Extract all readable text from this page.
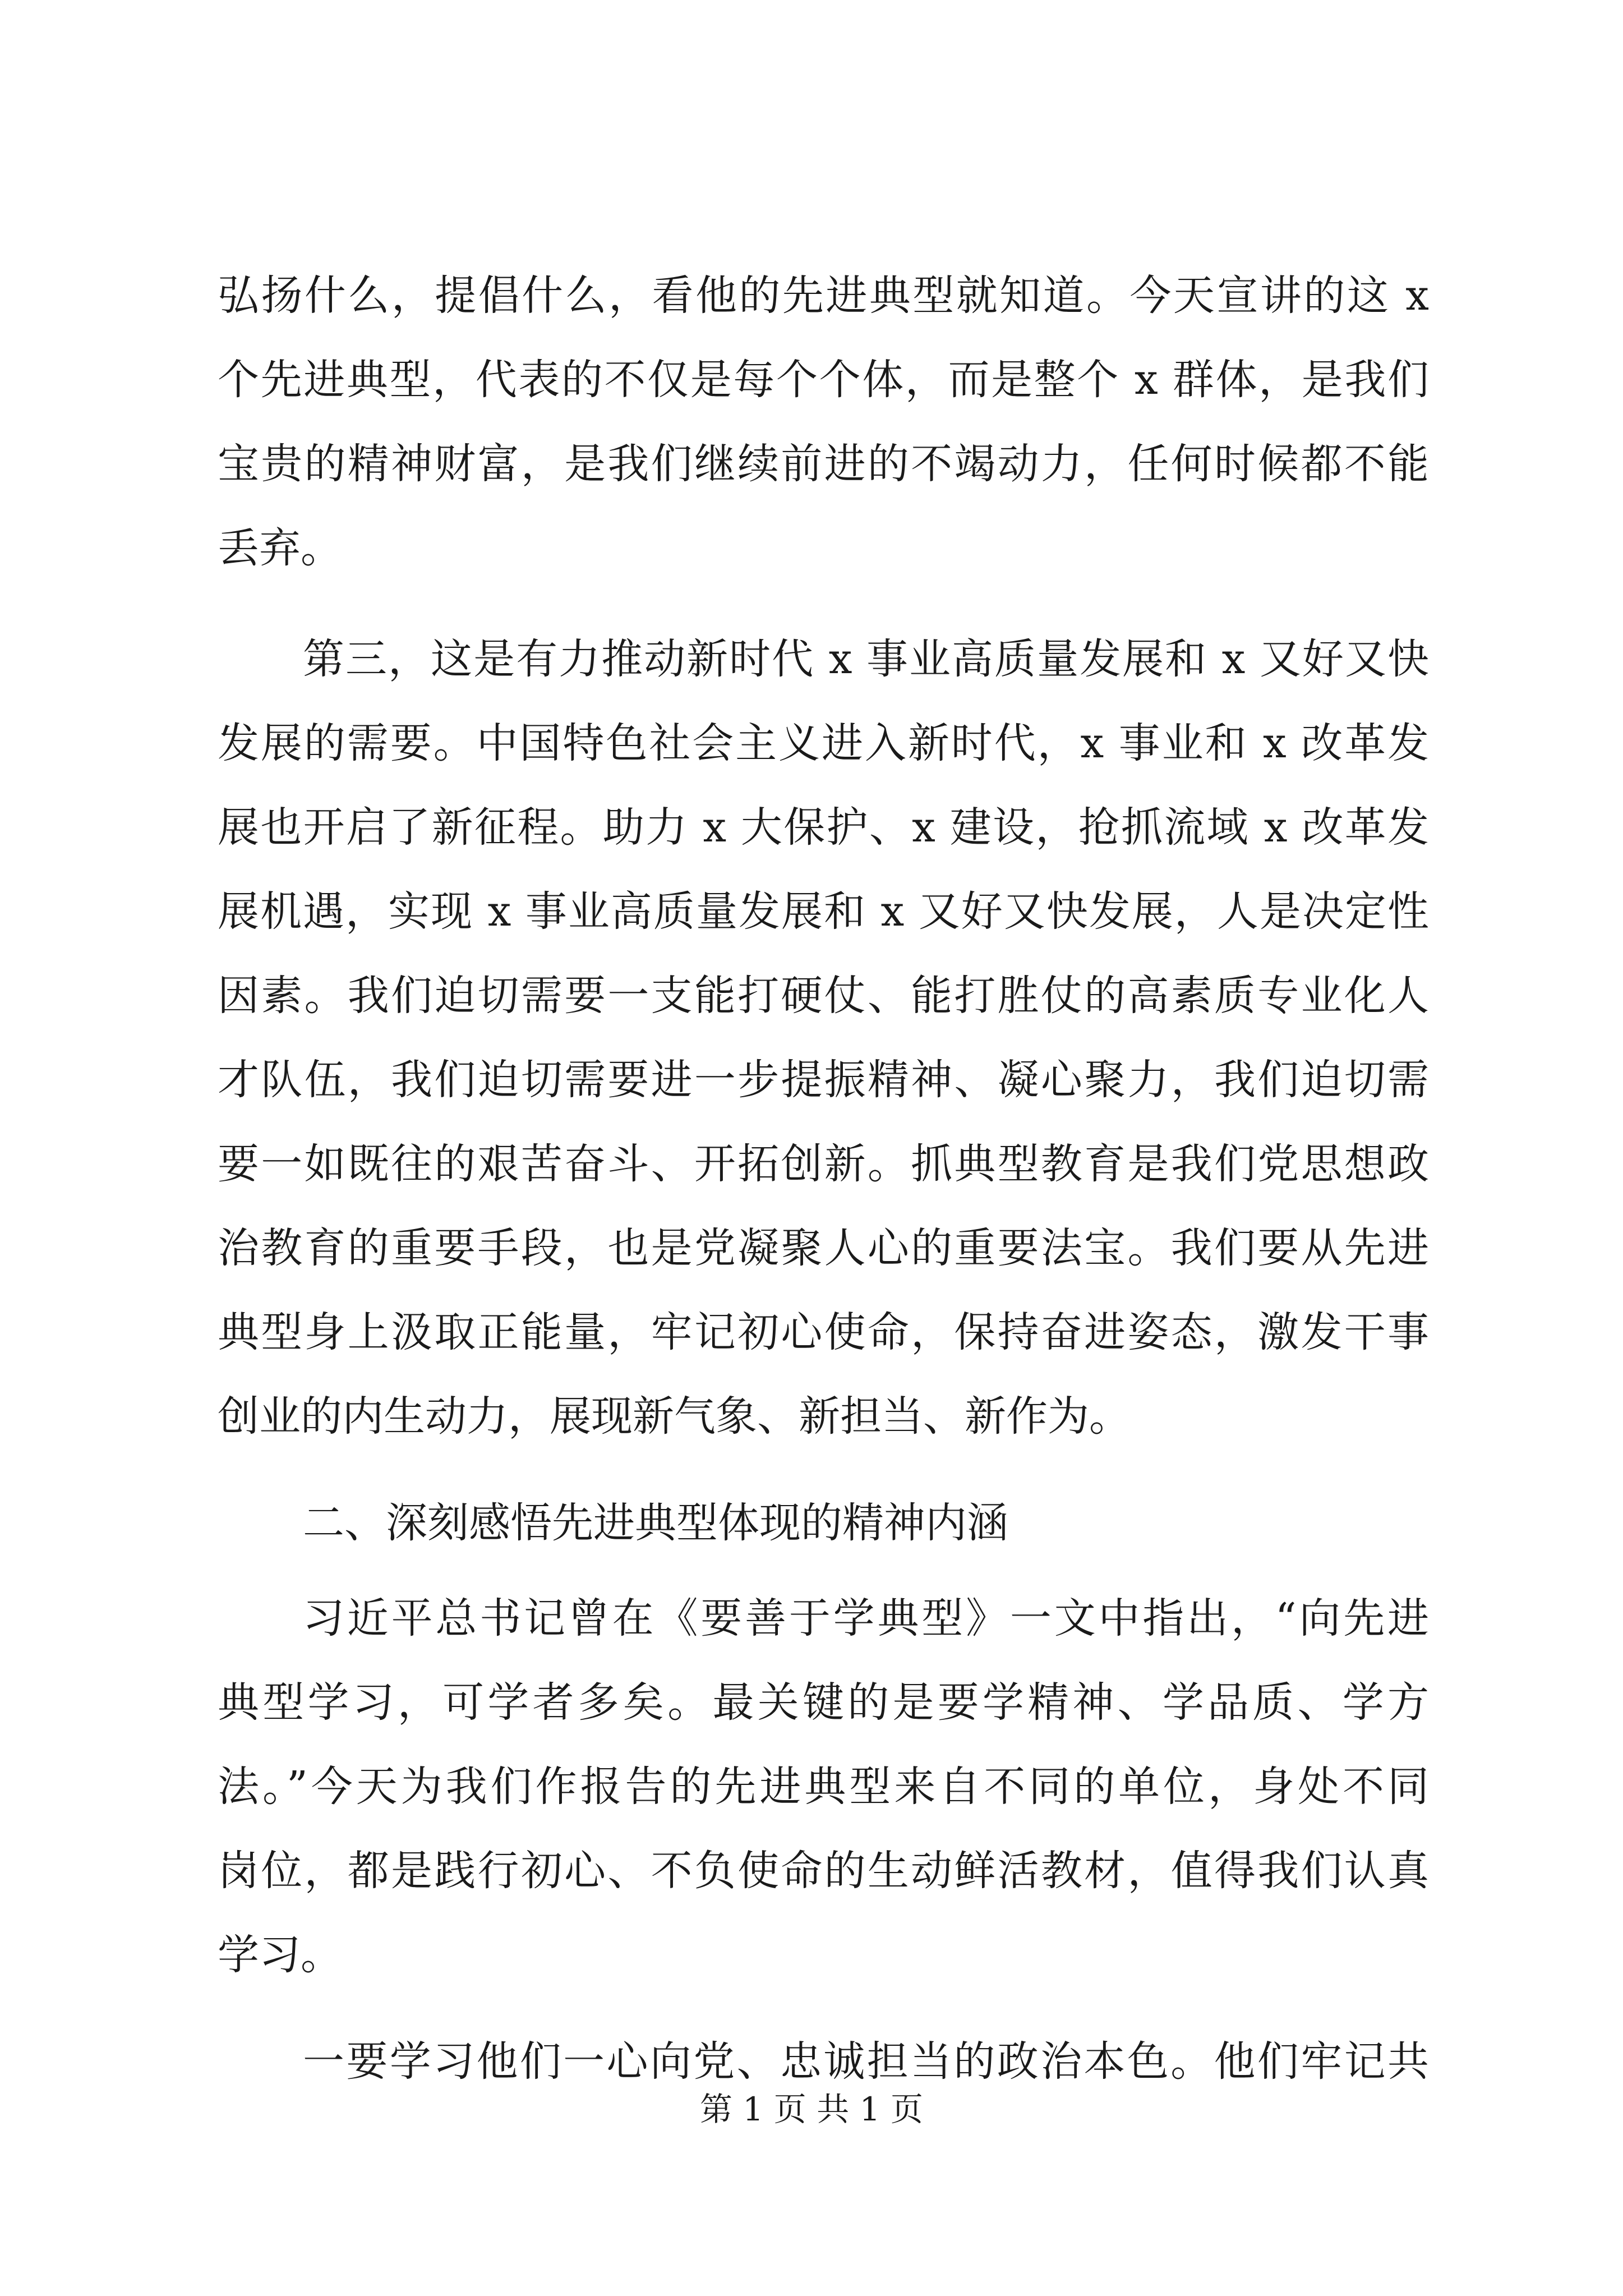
弘扬什么，提倡什么，看他的先进典型就知道。今天宣讲的这 x
个先进典型，代表的不仅是每个个体，而是整个 x 群体，是我们
宝贵的精神财富，是我们继续前进的不竭动力，任何时候都不能
丢弃。
第三，这是有力推动新时代 x 事业高质量发展和 x 又好又快
发展的需要。中国特色社会主义进入新时代，x 事业和 x 改革发
展也开启了新征程。助力 x 大保护、x 建设，抢抓流域 x 改革发
展机遇，实现 x 事业高质量发展和 x 又好又快发展，人是决定性
因素。我们迫切需要一支能打硬仗、能打胜仗的高素质专业化人
才队伍，我们迫切需要进一步提振精神、凝心聚力，我们迫切需
要一如既往的艰苦奋斗、开拓创新。抓典型教育是我们党思想政
治教育的重要手段，也是党凝聚人心的重要法宝。我们要从先进
典型身上汲取正能量，牢记初心使命，保持奋进姿态，激发干事
创业的内生动力，展现新气象、新担当、新作为。
二、深刻感悟先进典型体现的精神内涵
习近平总书记曾在《要善于学典型》一文中指出，“向先进
典型学习，可学者多矣。最关键的是要学精神、学品质、学方
法。”今天为我们作报告的先进典型来自不同的单位，身处不同
岗位，都是践行初心、不负使命的生动鲜活教材，值得我们认真
学习。
一要学习他们一心向党、忠诚担当的政治本色。他们牢记共
第 1 页 共 1 页
